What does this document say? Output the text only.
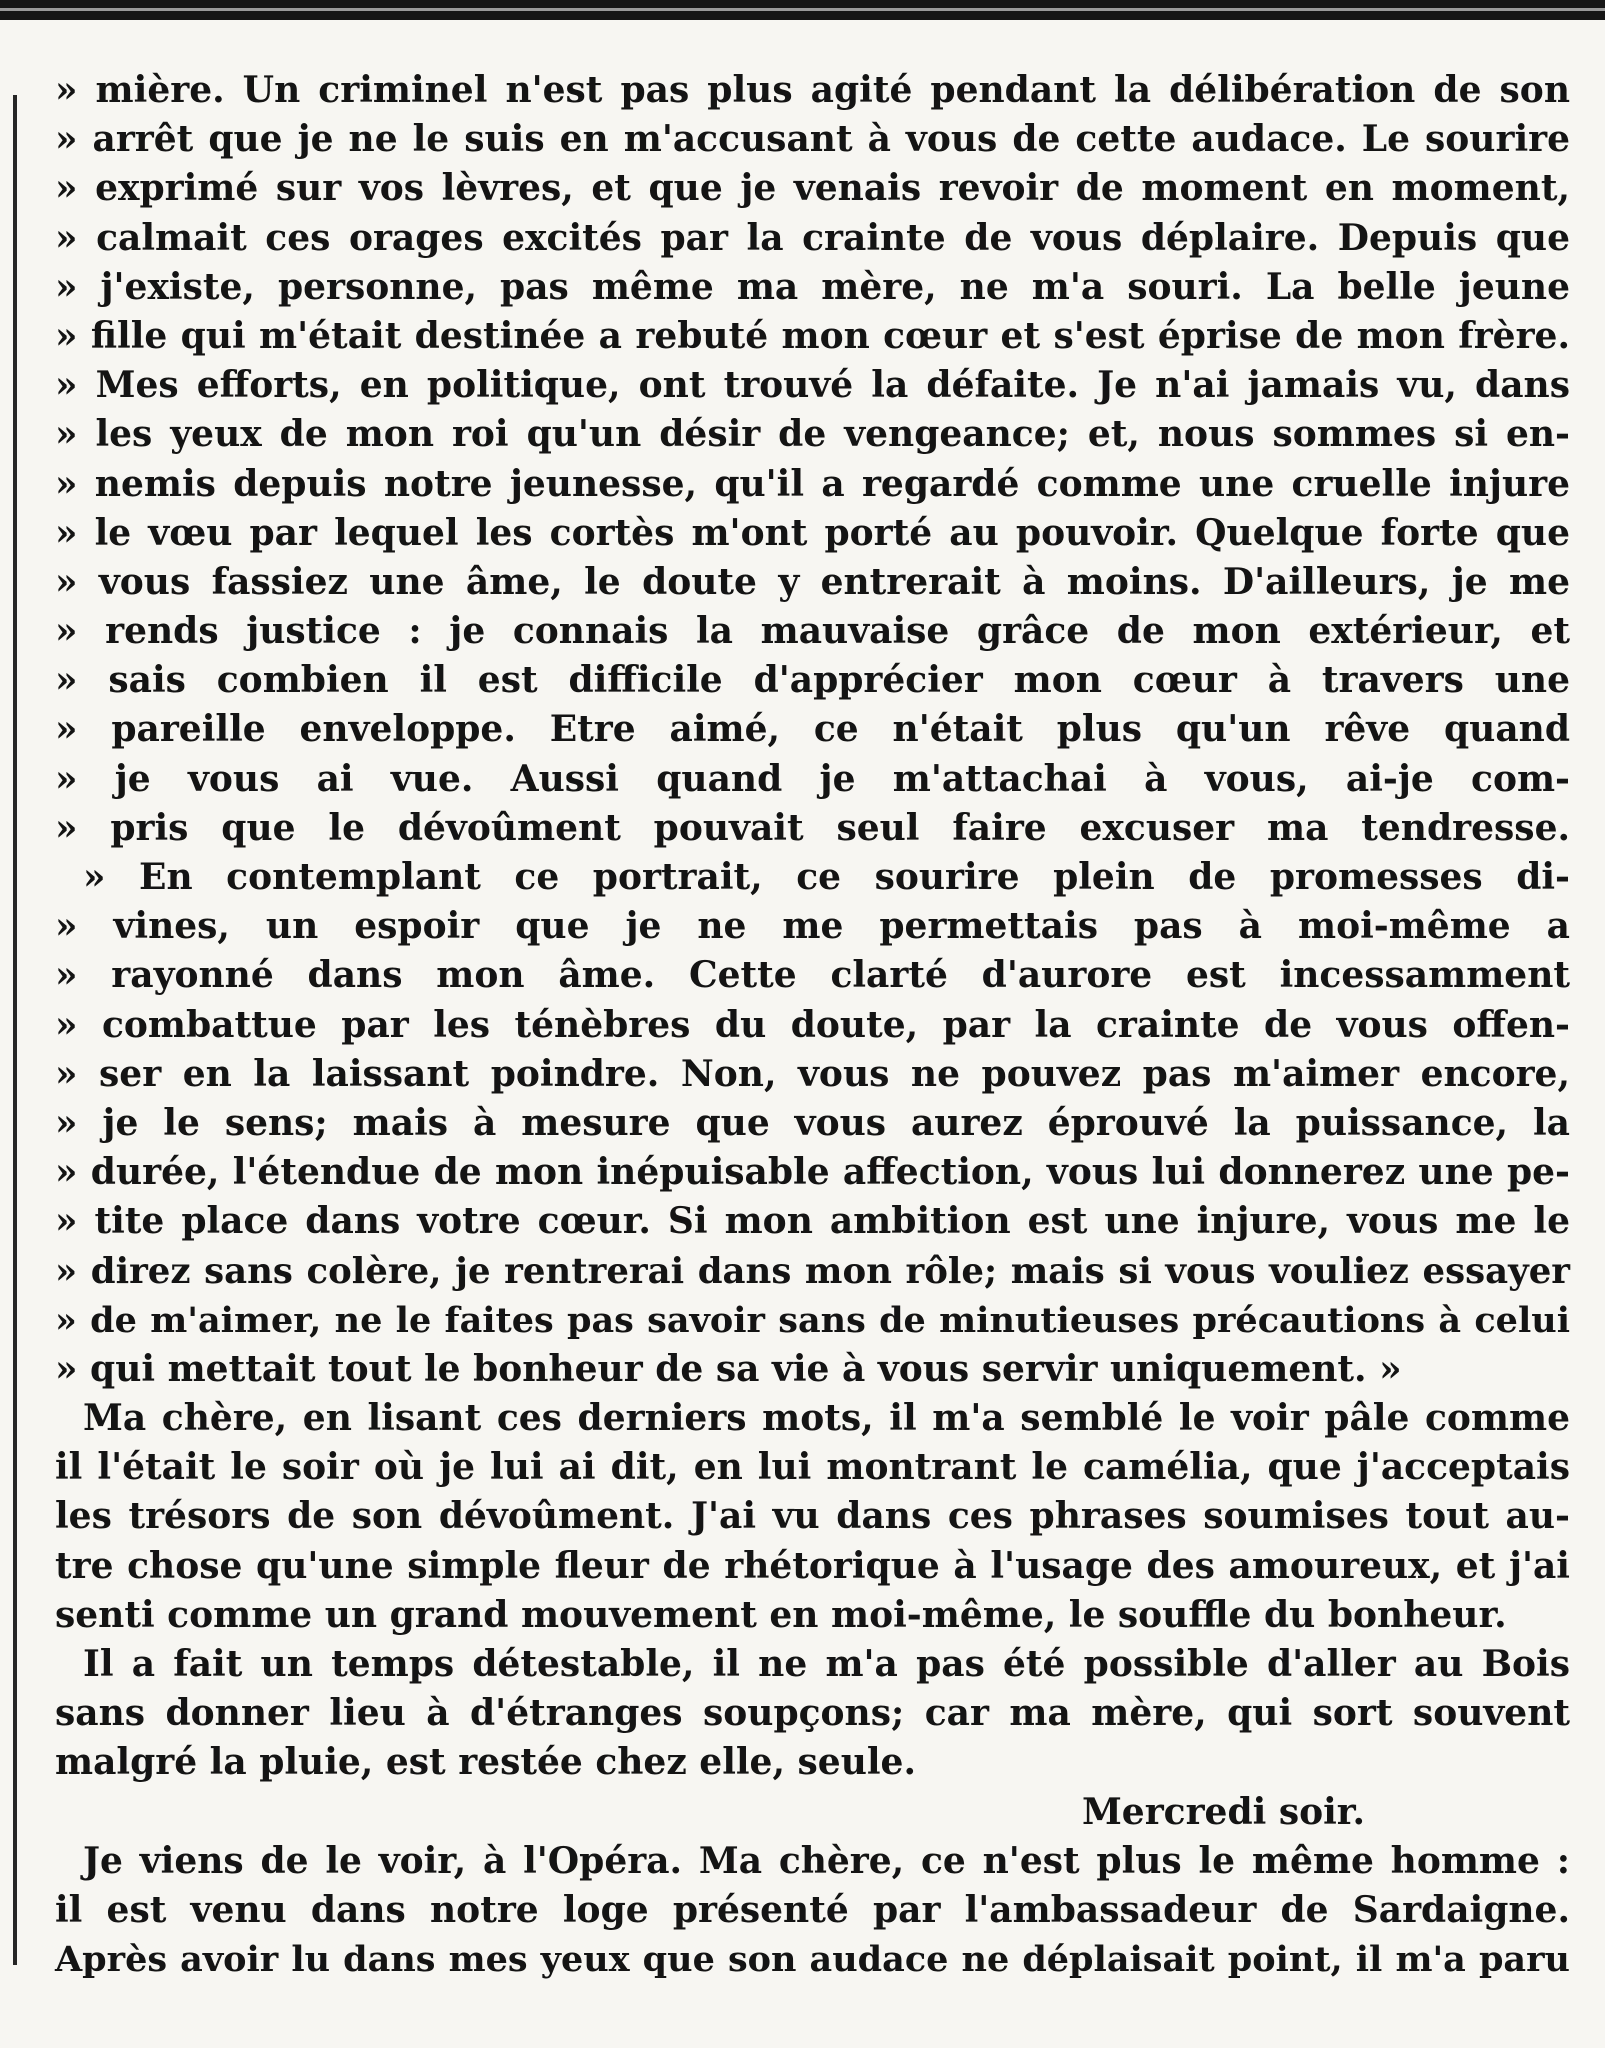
» mière. Un criminel n'est pas plus agité pendant la délibération de son
» arrêt que je ne le suis en m'accusant à vous de cette audace. Le sourire
» exprimé sur vos lèvres, et que je venais revoir de moment en moment,
» calmait ces orages excités par la crainte de vous déplaire. Depuis que
» j'existe, personne, pas même ma mère, ne m'a souri. La belle jeune
» fille qui m'était destinée a rebuté mon cœur et s'est éprise de mon frère.
» Mes efforts, en politique, ont trouvé la défaite. Je n'ai jamais vu, dans
» les yeux de mon roi qu'un désir de vengeance; et, nous sommes si en-
» nemis depuis notre jeunesse, qu'il a regardé comme une cruelle injure
» le vœu par lequel les cortès m'ont porté au pouvoir. Quelque forte que
» vous fassiez une âme, le doute y entrerait à moins. D'ailleurs, je me
» rends justice : je connais la mauvaise grâce de mon extérieur, et
» sais combien il est difficile d'apprécier mon cœur à travers une
» pareille enveloppe. Etre aimé, ce n'était plus qu'un rêve quand
» je vous ai vue. Aussi quand je m'attachai à vous, ai-je com-
» pris que le dévoûment pouvait seul faire excuser ma tendresse.
» En contemplant ce portrait, ce sourire plein de promesses di-
» vines, un espoir que je ne me permettais pas à moi-même a
» rayonné dans mon âme. Cette clarté d'aurore est incessamment
» combattue par les ténèbres du doute, par la crainte de vous offen-
» ser en la laissant poindre. Non, vous ne pouvez pas m'aimer encore,
» je le sens; mais à mesure que vous aurez éprouvé la puissance, la
» durée, l'étendue de mon inépuisable affection, vous lui donnerez une pe-
» tite place dans votre cœur. Si mon ambition est une injure, vous me le
» direz sans colère, je rentrerai dans mon rôle; mais si vous vouliez essayer
» de m'aimer, ne le faites pas savoir sans de minutieuses précautions à celui
» qui mettait tout le bonheur de sa vie à vous servir uniquement. »
Ma chère, en lisant ces derniers mots, il m'a semblé le voir pâle comme
il l'était le soir où je lui ai dit, en lui montrant le camélia, que j'acceptais
les trésors de son dévoûment. J'ai vu dans ces phrases soumises tout au-
tre chose qu'une simple fleur de rhétorique à l'usage des amoureux, et j'ai
senti comme un grand mouvement en moi-même, le souffle du bonheur.
Il a fait un temps détestable, il ne m'a pas été possible d'aller au Bois
sans donner lieu à d'étranges soupçons; car ma mère, qui sort souvent
malgré la pluie, est restée chez elle, seule.
Mercredi soir.
Je viens de le voir, à l'Opéra. Ma chère, ce n'est plus le même homme :
il est venu dans notre loge présenté par l'ambassadeur de Sardaigne.
Après avoir lu dans mes yeux que son audace ne déplaisait point, il m'a paru
